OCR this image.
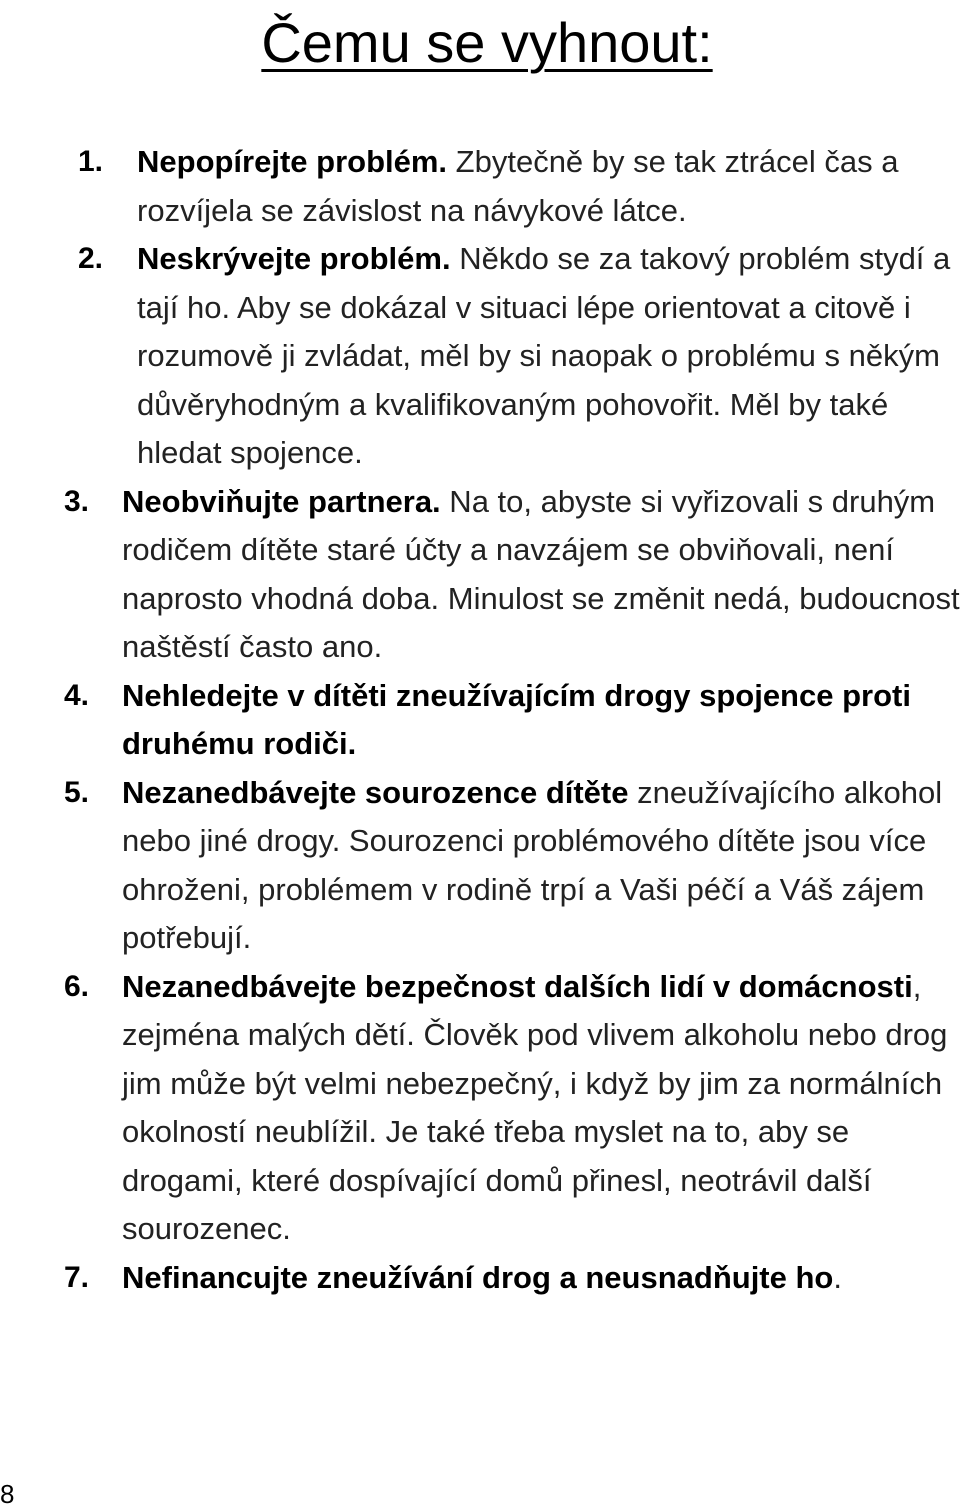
Čemu se vyhnout:
1. Nepopírejte problém. Zbytečně by se tak ztrácel čas a rozvíjela se závislost na návykové látce.
2. Neskrývejte problém. Někdo se za takový problém stydí a tají ho. Aby se dokázal v situaci lépe orientovat a citově i rozumově ji zvládat, měl by si naopak o problému s někým důvěryhodným a kvalifikovaným pohovořit. Měl by také hledat spojence.
3. Neobviňujte partnera. Na to, abyste si vyřizovali s druhým rodičem dítěte staré účty a navzájem se obviňovali, není naprosto vhodná doba. Minulost se změnit nedá, budoucnost naštěstí často ano.
4. Nehledejte v dítěti zneužívajícím drogy spojence proti druhému rodiči.
5. Nezanedbávejte sourozence dítěte zneužívajícího alkohol nebo jiné drogy. Sourozenci problémového dítěte jsou více ohroženi, problémem v rodině trpí a Vaši péčí a Váš zájem potřebují.
6. Nezanedbávejte bezpečnost dalších lidí v domácnosti, zejména malých dětí. Člověk pod vlivem alkoholu nebo drog jim může být velmi nebezpečný, i když by jim za normálních okolností neublížil. Je také třeba myslet na to, aby se drogami, které dospívající domů přinesl, neotrávil další sourozenec.
7. Nefinancujte zneužívání drog a neusnadňujte ho.
8
